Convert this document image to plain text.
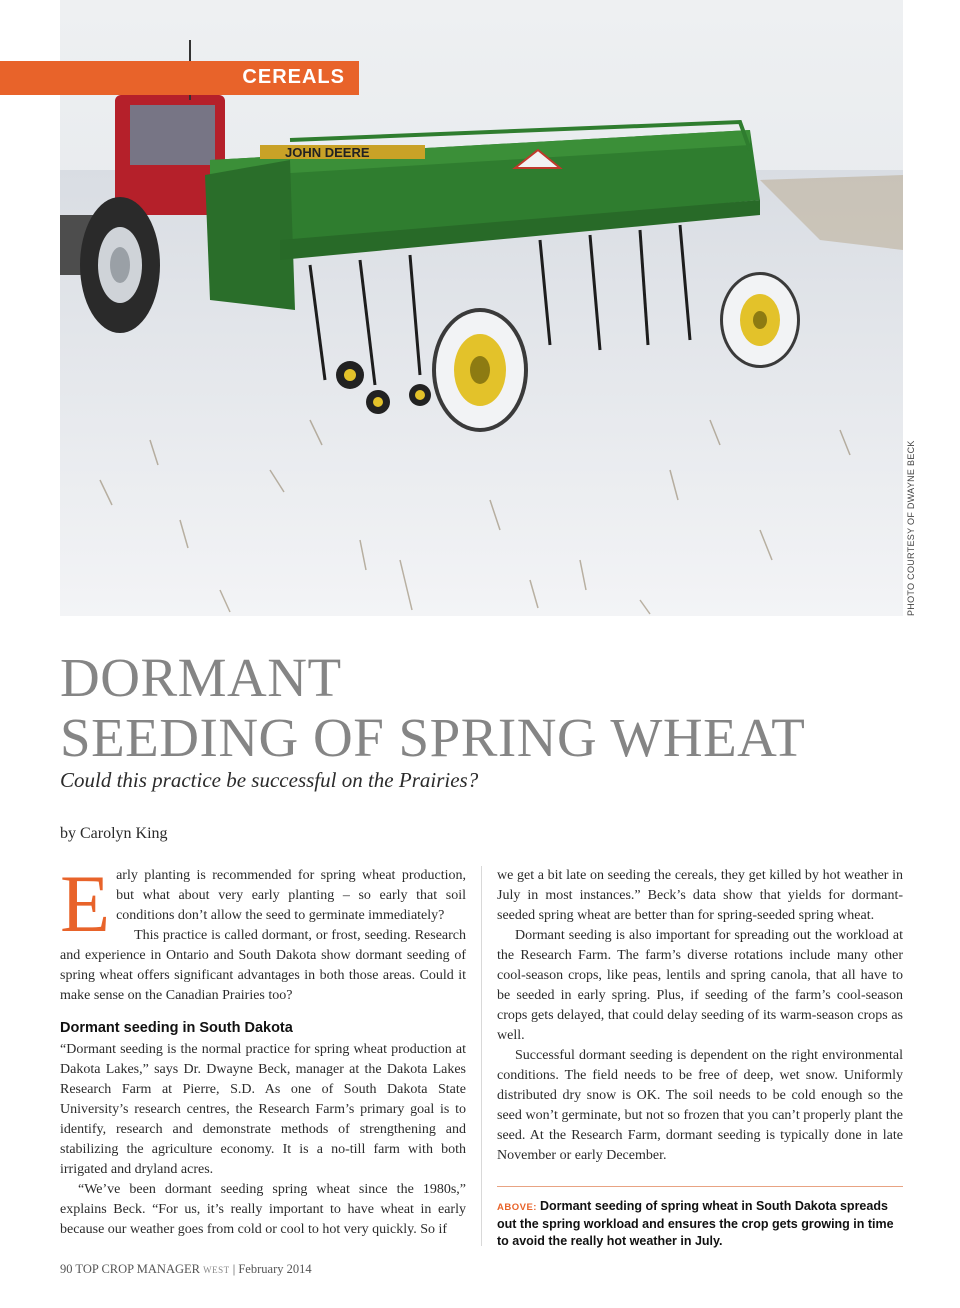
JOHN DEERE
CEREALS
PHOTO COURTESY OF DWAYNE BECK
DORMANT
SEEDING OF SPRING WHEAT
Could this practice be successful on the Prairies?
by Carolyn King

Early planting is recommended for spring wheat production, but what about very early planting – so early that soil conditions don’t allow the seed to germinate immediately?

This practice is called dormant, or frost, seeding. Research and experience in Ontario and South Dakota show dormant seeding of spring wheat offers significant advantages in both those areas. Could it make sense on the Canadian Prairies too?

Dormant seeding in South Dakota

“Dormant seeding is the normal practice for spring wheat production at Dakota Lakes,” says Dr. Dwayne Beck, manager at the Dakota Lakes Research Farm at Pierre, S.D. As one of South Dakota State University’s research centres, the Research Farm’s primary goal is to identify, research and demonstrate methods of strengthening and stabilizing the agriculture economy. It is a no-till farm with both irrigated and dryland acres.

“We’ve been dormant seeding spring wheat since the 1980s,” explains Beck. “For us, it’s really important to have wheat in early because our weather goes from cold or cool to hot very quickly. So if

we get a bit late on seeding the cereals, they get killed by hot weather in July in most instances.” Beck’s data show that yields for dormant-seeded spring wheat are better than for spring-seeded spring wheat.

Dormant seeding is also important for spreading out the workload at the Research Farm. The farm’s diverse rotations include many other cool-season crops, like peas, lentils and spring canola, that all have to be seeded in early spring. Plus, if seeding of the farm’s cool-season crops gets delayed, that could delay seeding of its warm-season crops as well.

Successful dormant seeding is dependent on the right environmental conditions. The field needs to be free of deep, wet snow. Uniformly distributed dry snow is OK. The soil needs to be cold enough so the seed won’t germinate, but not so frozen that you can’t properly plant the seed. At the Research Farm, dormant seeding is typically done in late November or early December.

ABOVE: Dormant seeding of spring wheat in South Dakota spreads out the spring workload and ensures the crop gets growing in time to avoid the really hot weather in July.
90 TOP CROP MANAGER WEST | February 2014
